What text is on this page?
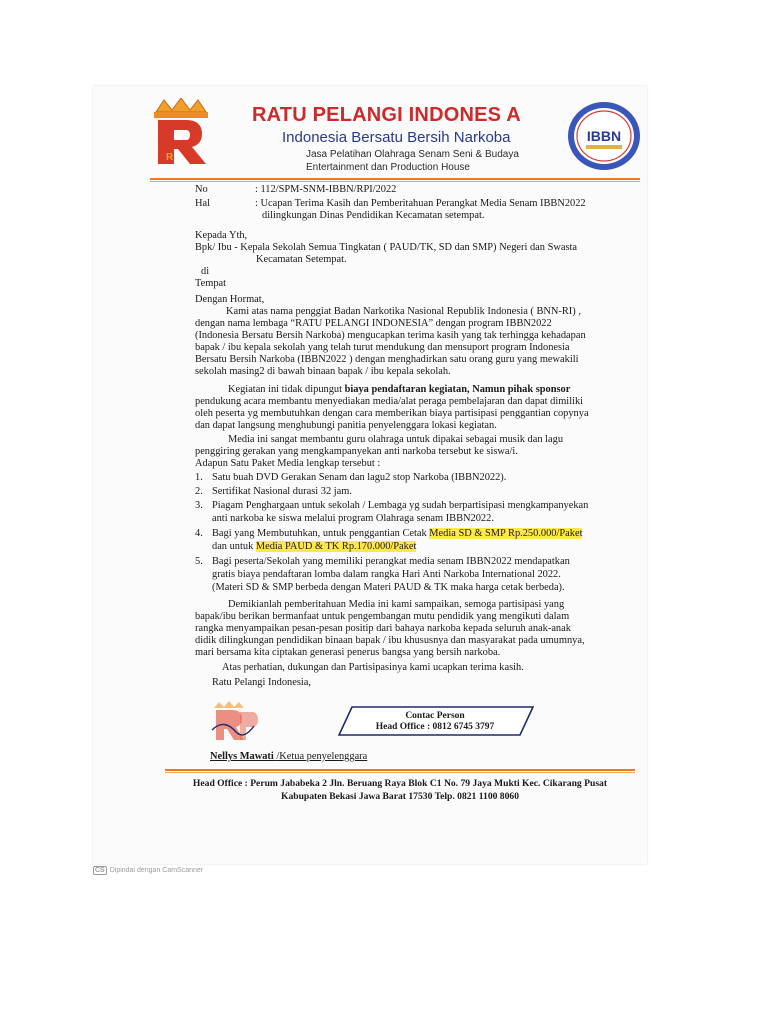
R
RATU PELANGI INDONES A
Indonesia Bersatu Bersih Narkoba
Jasa Pelatihan Olahraga Senam Seni & Budaya
Entertainment dan Production House
IBBN
No	: 112/SPM-SNM-IBBN/RPI/2022
Hal	: Ucapan Terima Kasih dan Pemberitahuan Perangkat Media Senam IBBN2022
dilingkungan Dinas Pendidikan Kecamatan setempat.
Kepada Yth,
Bpk/ Ibu - Kepala Sekolah Semua Tingkatan ( PAUD/TK, SD dan SMP) Negeri dan Swasta
Kecamatan Setempat.
di
Tempat
Dengan Hormat,
Kami atas nama penggiat Badan Narkotika Nasional Republik Indonesia ( BNN-RI) ,
dengan nama lembaga “RATU PELANGI INDONESIA” dengan program IBBN2022
(Indonesia Bersatu Bersih Narkoba) mengucapkan terima kasih yang tak terhingga kehadapan
bapak / ibu kepala sekolah yang telah turut mendukung dan mensuport program Indonesia
Bersatu Bersih Narkoba (IBBN2022 ) dengan menghadirkan satu orang guru yang mewakili
sekolah masing2 di bawah binaan bapak / ibu kepala sekolah.
Kegiatan ini tidak dipungut biaya pendaftaran kegiatan, Namun pihak sponsor
pendukung acara membantu menyediakan media/alat peraga pembelajaran dan dapat dimiliki
oleh peserta yg membutuhkan dengan cara memberikan biaya partisipasi penggantian copynya
dan dapat langsung menghubungi panitia penyelenggara lokasi kegiatan.
Media ini sangat membantu guru olahraga untuk dipakai sebagai musik dan lagu
penggiring gerakan yang mengkampanyekan anti narkoba tersebut ke siswa/i.
Adapun Satu Paket Media lengkap tersebut :
1. Satu buah DVD Gerakan Senam dan lagu2 stop Narkoba (IBBN2022).
2. Sertifikat Nasional durasi 32 jam.
3. Piagam Penghargaan untuk sekolah / Lembaga yg sudah berpartisipasi mengkampanyekan
anti narkoba ke siswa melalui program Olahraga senam IBBN2022.
4. Bagi yang Membutuhkan, untuk penggantian Cetak Media SD & SMP Rp.250.000/Paket
dan untuk Media PAUD & TK Rp.170.000/Paket
5. Bagi peserta/Sekolah yang memiliki perangkat media senam IBBN2022 mendapatkan
gratis biaya pendaftaran lomba dalam rangka Hari Anti Narkoba International 2022.
(Materi SD & SMP berbeda dengan Materi PAUD & TK maka harga cetak berbeda).
Demikianlah pemberitahuan Media ini kami sampaikan, semoga partisipasi yang
bapak/ibu berikan bermanfaat untuk pengembangan mutu pendidik yang mengikuti dalam
rangka menyampaikan pesan-pesan positip dari bahaya narkoba kepada seluruh anak-anak
didik dilingkungan pendidikan binaan bapak / ibu khususnya dan masyarakat pada umumnya,
mari bersama kita ciptakan generasi penerus bangsa yang bersih narkoba.
Atas perhatian, dukungan dan Partisipasinya kami ucapkan terima kasih.
Ratu Pelangi Indonesia,
Contac Person
Head Office : 0812 6745 3797
Nellys Mawati /Ketua penyelenggara
Head Office : Perum Jababeka 2 Jln. Beruang Raya Blok C1 No. 79 Jaya Mukti Kec. Cikarang Pusat
Kabupaten Bekasi Jawa Barat 17530 Telp. 0821 1100 8060
CS Dipindai dengan CamScanner
